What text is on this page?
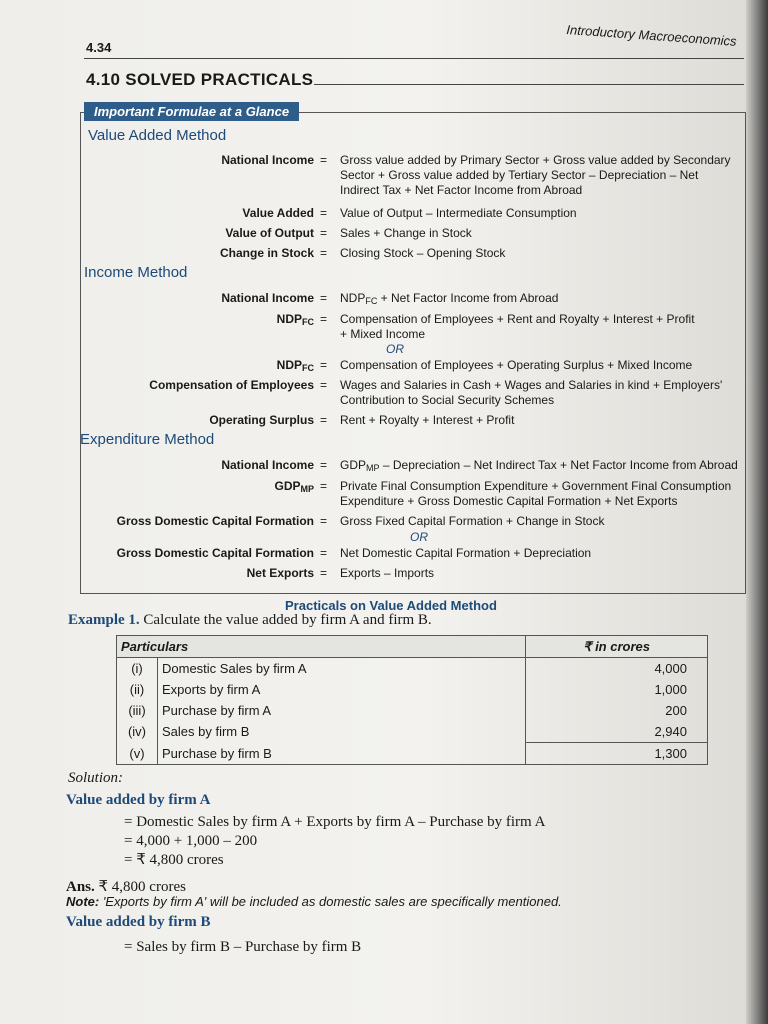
4.34	Introductory Macroeconomics
4.10 SOLVED PRACTICALS
Important Formulae at a Glance
Value Added Method
National Income = Gross value added by Primary Sector + Gross value added by Secondary
Sector + Gross value added by Tertiary Sector – Depreciation – Net
Indirect Tax + Net Factor Income from Abroad
Value Added = Value of Output – Intermediate Consumption
Value of Output = Sales + Change in Stock
Change in Stock = Closing Stock – Opening Stock
Income Method
National Income = $NDP_{FC}$ + Net Factor Income from Abroad
$NDP_{FC}$ = Compensation of Employees + Rent and Royalty + Interest + Profit
+ Mixed Income
OR
$NDP_{FC}$ = Compensation of Employees + Operating Surplus + Mixed Income
Compensation of Employees = Wages and Salaries in Cash + Wages and Salaries in kind + Employers'
Contribution to Social Security Schemes
Operating Surplus = Rent + Royalty + Interest + Profit
Expenditure Method
National Income = $GDP_{MP}$ – Depreciation – Net Indirect Tax + Net Factor Income from Abroad
$GDP_{MP}$ = Private Final Consumption Expenditure + Government Final Consumption
Expenditure + Gross Domestic Capital Formation + Net Exports
Gross Domestic Capital Formation = Gross Fixed Capital Formation + Change in Stock
OR
Gross Domestic Capital Formation = Net Domestic Capital Formation + Depreciation
Net Exports = Exports – Imports
Practicals on Value Added Method
Example 1. Calculate the value added by firm A and firm B.
Particulars		₹ in crores
(i)	Domestic Sales by firm A	4,000
(ii)	Exports by firm A	1,000
(iii)	Purchase by firm A	200
(iv)	Sales by firm B	2,940
(v)	Purchase by firm B	1,300
Solution:
Value added by firm A
= Domestic Sales by firm A + Exports by firm A – Purchase by firm A
= 4,000 + 1,000 – 200
= ₹ 4,800 crores
Ans. ₹ 4,800 crores
Note: 'Exports by firm A' will be included as domestic sales are specifically mentioned.
Value added by firm B
= Sales by firm B – Purchase by firm B
